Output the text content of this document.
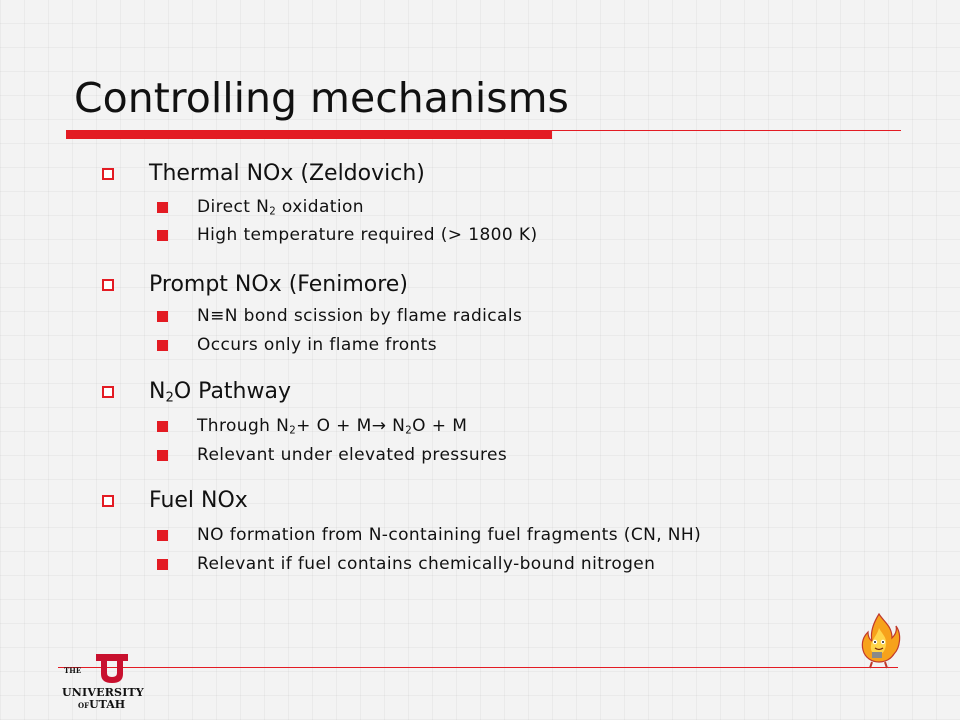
Controlling mechanisms
Thermal NOx (Zeldovich)
Direct $N_2$ oxidation
High temperature required (> 1800 K)
Prompt NOx (Fenimore)
N≡N bond scission by flame radicals
Occurs only in flame fronts
$N_2O$ Pathway
Through $N_2+ O + M\to N_2O + M$
Relevant under elevated pressures
Fuel NOx
NO formation from N-containing fuel fragments (CN, NH)
Relevant if fuel contains chemically-bound nitrogen
THE
UNIVERSITY
OFUTAH
